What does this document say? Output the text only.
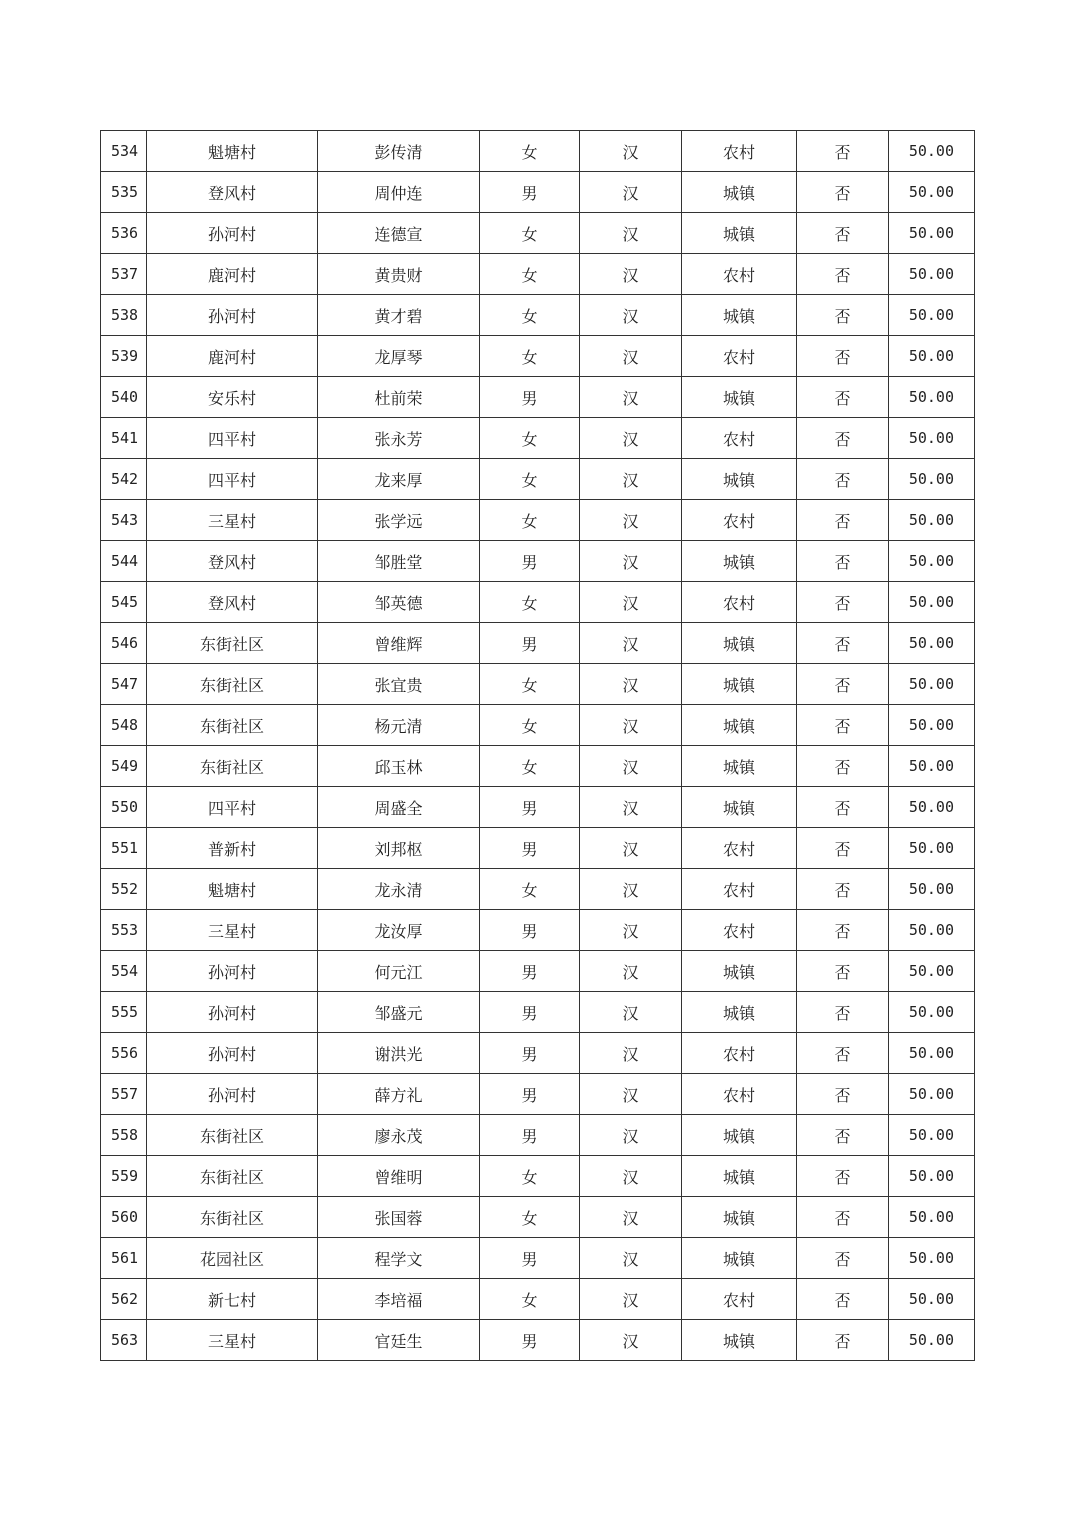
534	魁塘村	彭传清	女	汉	农村	否	50.00
535	登风村	周仲连	男	汉	城镇	否	50.00
536	孙河村	连德宣	女	汉	城镇	否	50.00
537	鹿河村	黄贵财	女	汉	农村	否	50.00
538	孙河村	黄才碧	女	汉	城镇	否	50.00
539	鹿河村	龙厚琴	女	汉	农村	否	50.00
540	安乐村	杜前荣	男	汉	城镇	否	50.00
541	四平村	张永芳	女	汉	农村	否	50.00
542	四平村	龙来厚	女	汉	城镇	否	50.00
543	三星村	张学远	女	汉	农村	否	50.00
544	登风村	邹胜堂	男	汉	城镇	否	50.00
545	登风村	邹英德	女	汉	农村	否	50.00
546	东街社区	曾维辉	男	汉	城镇	否	50.00
547	东街社区	张宜贵	女	汉	城镇	否	50.00
548	东街社区	杨元清	女	汉	城镇	否	50.00
549	东街社区	邱玉林	女	汉	城镇	否	50.00
550	四平村	周盛全	男	汉	城镇	否	50.00
551	普新村	刘邦枢	男	汉	农村	否	50.00
552	魁塘村	龙永清	女	汉	农村	否	50.00
553	三星村	龙汝厚	男	汉	农村	否	50.00
554	孙河村	何元江	男	汉	城镇	否	50.00
555	孙河村	邹盛元	男	汉	城镇	否	50.00
556	孙河村	谢洪光	男	汉	农村	否	50.00
557	孙河村	薛方礼	男	汉	农村	否	50.00
558	东街社区	廖永茂	男	汉	城镇	否	50.00
559	东街社区	曾维明	女	汉	城镇	否	50.00
560	东街社区	张国蓉	女	汉	城镇	否	50.00
561	花园社区	程学文	男	汉	城镇	否	50.00
562	新七村	李培福	女	汉	农村	否	50.00
563	三星村	官廷生	男	汉	城镇	否	50.00
